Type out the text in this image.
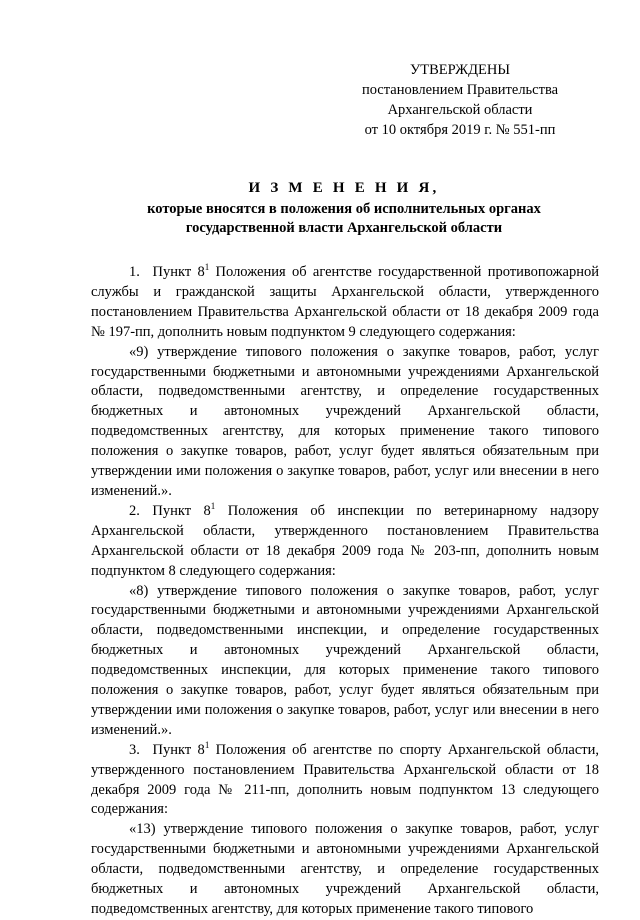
УТВЕРЖДЕНЫ
постановлением Правительства
Архангельской области
от 10 октября 2019 г. № 551-пп
И З М Е Н Е Н И Я,
которые вносятся в положения об исполнительных органах
государственной власти Архангельской области

1. Пункт $8^1$ Положения об агентстве государственной противопожарной службы и гражданской защиты Архангельской области, утвержденного постановлением Правительства Архангельской области от 18 декабря 2009 года № 197-пп, дополнить новым подпунктом 9 следующего содержания:

«9) утверждение типового положения о закупке товаров, работ, услуг государственными бюджетными и автономными учреждениями Архангельской области, подведомственными агентству, и определение государственных бюджетных и автономных учреждений Архангельской области, подведомственных агентству, для которых применение такого типового положения о закупке товаров, работ, услуг будет являться обязательным при утверждении ими положения о закупке товаров, работ, услуг или внесении в него изменений.».

2. Пункт $8^1$ Положения об инспекции по ветеринарному надзору Архангельской области, утвержденного постановлением Правительства Архангельской области от 18 декабря 2009 года № 203-пп, дополнить новым подпунктом 8 следующего содержания:

«8) утверждение типового положения о закупке товаров, работ, услуг государственными бюджетными и автономными учреждениями Архангельской области, подведомственными инспекции, и определение государственных бюджетных и автономных учреждений Архангельской области, подведомственных инспекции, для которых применение такого типового положения о закупке товаров, работ, услуг будет являться обязательным при утверждении ими положения о закупке товаров, работ, услуг или внесении в него изменений.».

3. Пункт $8^1$ Положения об агентстве по спорту Архангельской области, утвержденного постановлением Правительства Архангельской области от 18 декабря 2009 года № 211-пп, дополнить новым подпунктом 13 следующего содержания:

«13) утверждение типового положения о закупке товаров, работ, услуг государственными бюджетными и автономными учреждениями Архангельской области, подведомственными агентству, и определение государственных бюджетных и автономных учреждений Архангельской области, подведомственных агентству, для которых применение такого типового
